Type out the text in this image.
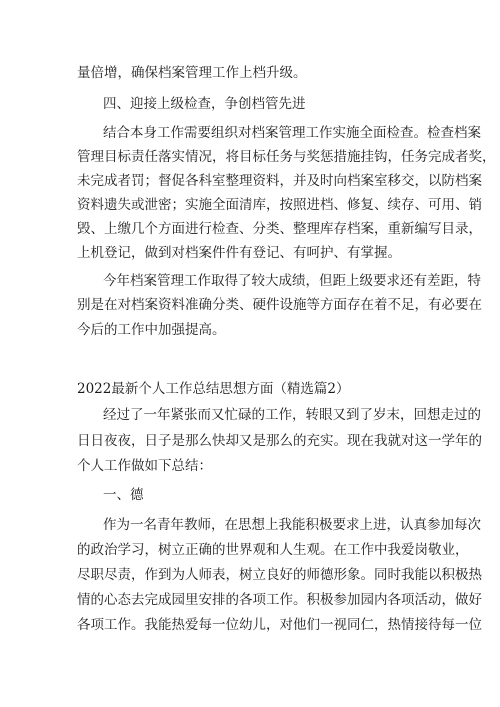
量倍增，确保档案管理工作上档升级。
四、迎接上级检查，争创档管先进
结合本身工作需要组织对档案管理工作实施全面检查。检查档案
管理目标责任落实情况，将目标任务与奖惩措施挂钩，任务完成者奖，
未完成者罚；督促各科室整理资料，并及时向档案室移交，以防档案
资料遗失或泄密；实施全面清库，按照进档、修复、续存、可用、销
毁、上缴几个方面进行检查、分类、整理库存档案，重新编写目录，
上机登记，做到对档案件件有登记、有呵护、有掌握。
今年档案管理工作取得了较大成绩，但距上级要求还有差距，特
别是在对档案资料准确分类、硬件设施等方面存在着不足，有必要在
今后的工作中加强提高。
2022最新个人工作总结思想方面（精选篇2）
经过了一年紧张而又忙碌的工作，转眼又到了岁末，回想走过的
日日夜夜，日子是那么快却又是那么的充实。现在我就对这一学年的
个人工作做如下总结：
一、德
作为一名青年教师，在思想上我能积极要求上进，认真参加每次
的政治学习，树立正确的世界观和人生观。在工作中我爱岗敬业，
尽职尽责，作到为人师表，树立良好的师德形象。同时我能以积极热
情的心态去完成园里安排的各项工作。积极参加园内各项活动，做好
各项工作。我能热爱每一位幼儿，对他们一视同仁，热情接待每一位
